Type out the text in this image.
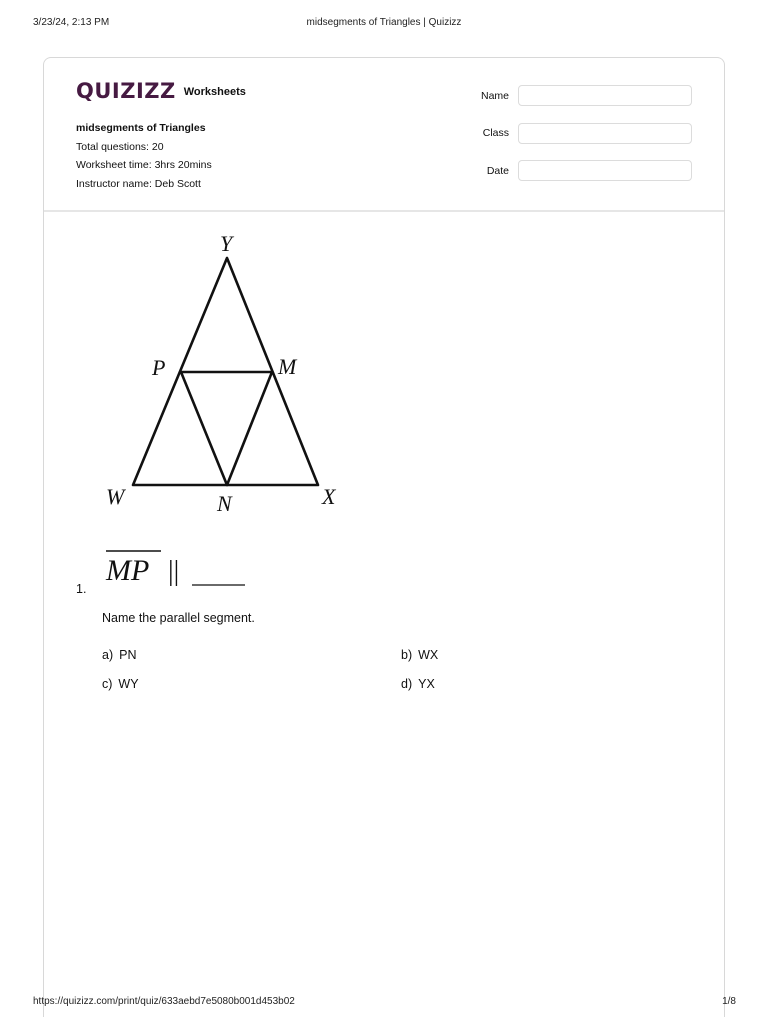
3/23/24, 2:13 PM	midsegments of Triangles | Quizizz
QUIZIZZ Worksheets
midsegments of Triangles
Total questions: 20
Worksheet time: 3hrs 20mins
Instructor name: Deb Scott
Name
Class
Date
Y
P	M
W	N	X
1.
MP ||
Name the parallel segment.
a) PN	b) WX
c) WY	d) YX
https://quizizz.com/print/quiz/633aebd7e5080b001d453b02	1/8
